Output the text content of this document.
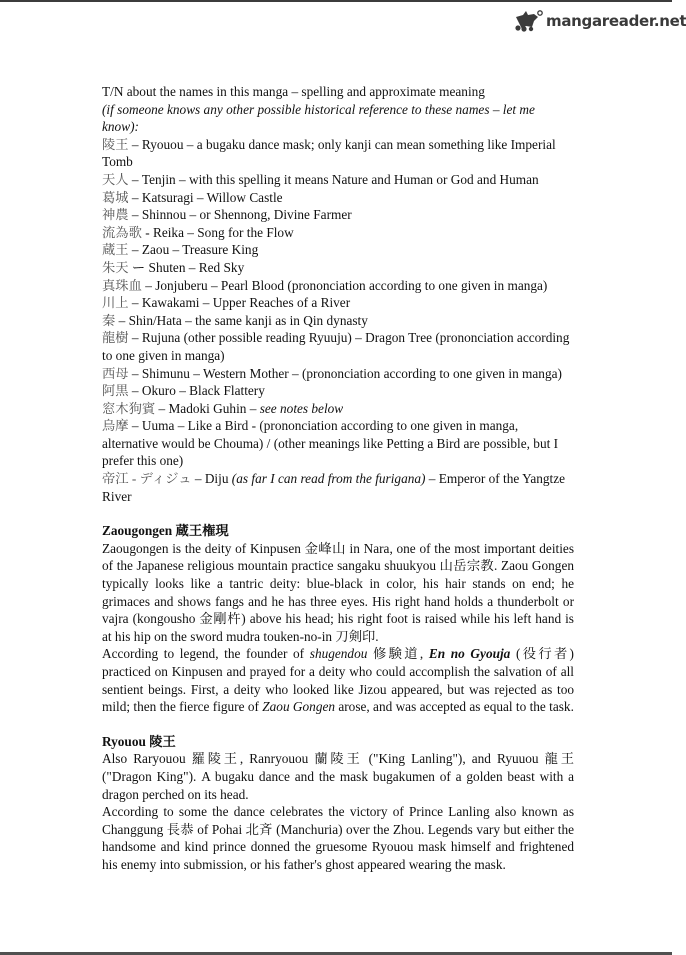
mangareader.net

T/N about the names in this manga – spelling and approximate meaning

(if someone knows any other possible historical reference to these names – let me know):

陵王 – Ryouou – a bugaku dance mask; only kanji can mean something like Imperial Tomb

天人 – Tenjin – with this spelling it means Nature and Human or God and Human

葛城 – Katsuragi – Willow Castle

神農 – Shinnou – or Shennong, Divine Farmer

流為歌 - Reika – Song for the Flow

蔵王 – Zaou – Treasure King

朱天 ー Shuten – Red Sky

真珠血 – Jonjuberu – Pearl Blood (prononciation according to one given in manga)

川上 – Kawakami – Upper Reaches of a River

秦 – Shin/Hata – the same kanji as in Qin dynasty

龍樹 – Rujuna (other possible reading Ryuuju) – Dragon Tree (prononciation according to one given in manga)

西母 – Shimunu – Western Mother – (prononciation according to one given in manga)

阿黒 – Okuro – Black Flattery

窓木狗賓 – Madoki Guhin – see notes below

烏摩 – Uuma – Like a Bird - (prononciation according to one given in manga, alternative would be Chouma) / (other meanings like Petting a Bird are possible, but I prefer this one)

帝江 - ディジュ – Diju (as far I can read from the furigana) – Emperor of the Yangtze River

Zaougongen 蔵王権現

Zaougongen is the deity of Kinpusen 金峰山 in Nara, one of the most important deities of the Japanese religious mountain practice sangaku shuukyou 山岳宗教. Zaou Gongen typically looks like a tantric deity: blue-black in color, his hair stands on end; he grimaces and shows fangs and he has three eyes. His right hand holds a thunderbolt or vajra (kongousho 金剛杵) above his head; his right foot is raised while his left hand is at his hip on the sword mudra touken-no-in 刀剣印.

According to legend, the founder of shugendou 修験道, En no Gyouja (役行者) practiced on Kinpusen and prayed for a deity who could accomplish the salvation of all sentient beings. First, a deity who looked like Jizou appeared, but was rejected as too mild; then the fierce figure of Zaou Gongen arose, and was accepted as equal to the task.

Ryouou 陵王

Also Raryouou 羅陵王, Ranryouou 蘭陵王 ("King Lanling"), and Ryuuou 龍王 ("Dragon King"). A bugaku dance and the mask bugakumen of a golden beast with a dragon perched on its head.

According to some the dance celebrates the victory of Prince Lanling also known as Changgung 長恭 of Pohai 北斉 (Manchuria) over the Zhou. Legends vary but either the handsome and kind prince donned the gruesome Ryouou mask himself and frightened his enemy into submission, or his father's ghost appeared wearing the mask.
